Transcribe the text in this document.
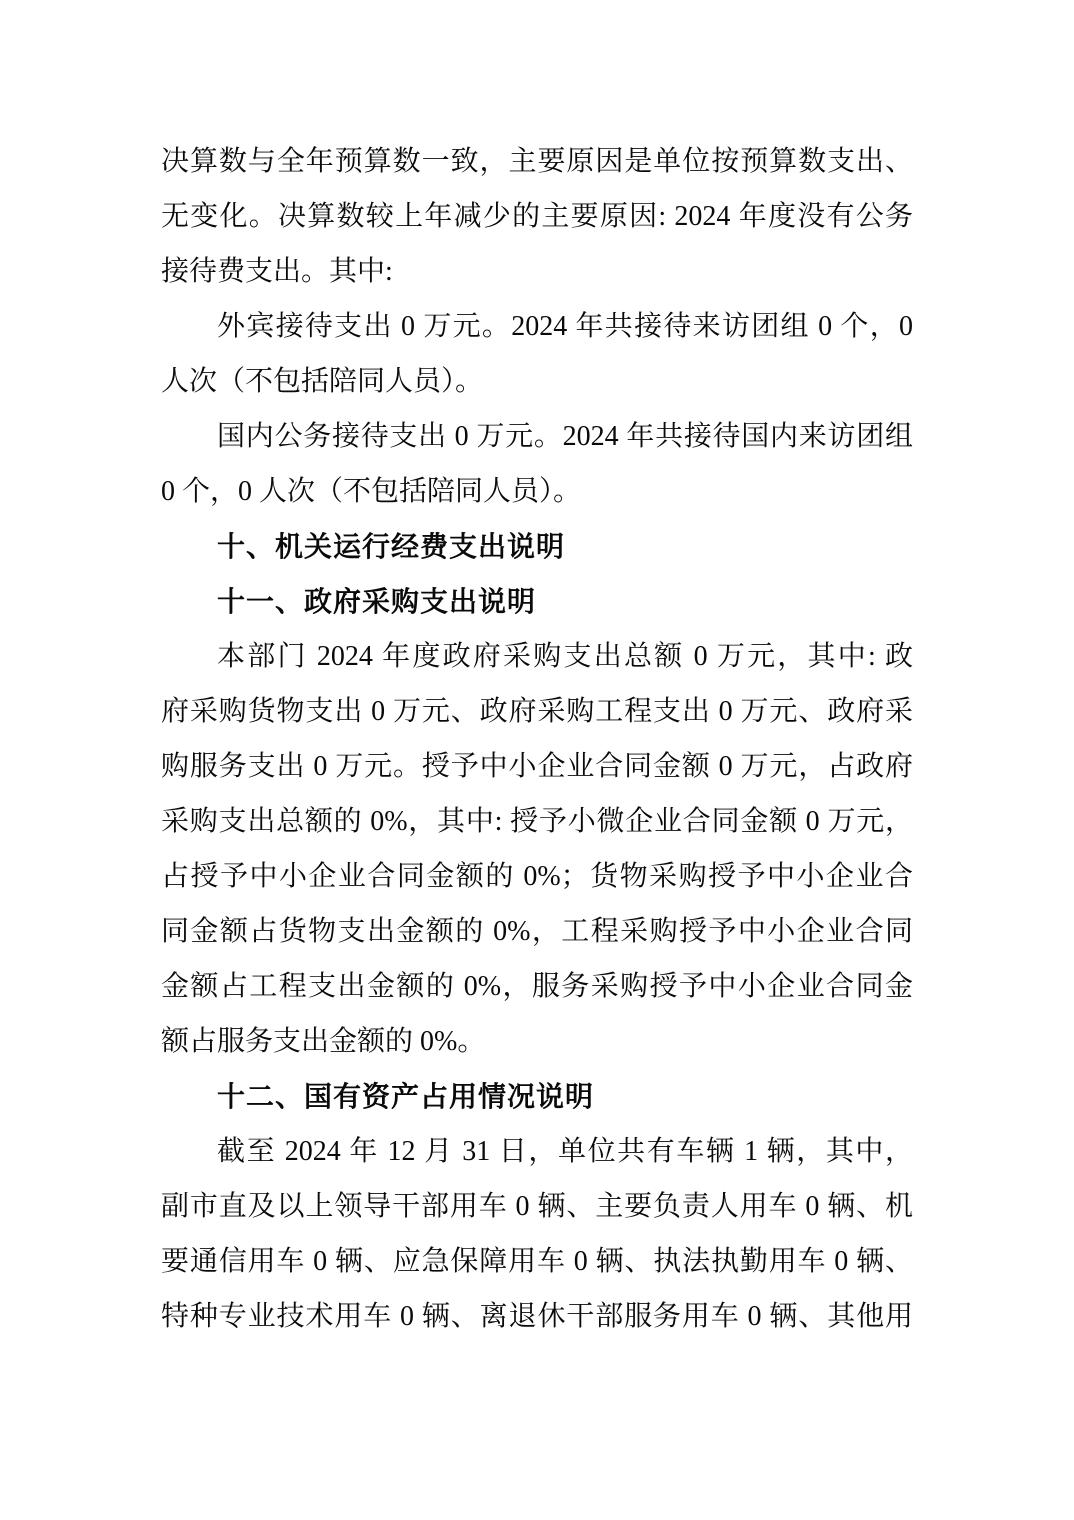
决算数与全年预算数一致，主要原因是单位按预算数支出、
无变化。决算数较上年减少的主要原因: 2024 年度没有公务
接待费支出。其中:
外宾接待支出 0 万元。2024 年共接待来访团组 0 个，0
人次（不包括陪同人员）。
国内公务接待支出 0 万元。2024 年共接待国内来访团组
0 个，0 人次（不包括陪同人员）。
十、机关运行经费支出说明
十一、政府采购支出说明
本部门 2024 年度政府采购支出总额 0 万元，其中: 政
府采购货物支出 0 万元、政府采购工程支出 0 万元、政府采
购服务支出 0 万元。授予中小企业合同金额 0 万元，占政府
采购支出总额的 0%，其中: 授予小微企业合同金额 0 万元，
占授予中小企业合同金额的 0%；货物采购授予中小企业合
同金额占货物支出金额的 0%，工程采购授予中小企业合同
金额占工程支出金额的 0%，服务采购授予中小企业合同金
额占服务支出金额的 0%。
十二、国有资产占用情况说明
截至 2024 年 12 月 31 日，单位共有车辆 1 辆，其中，
副市直及以上领导干部用车 0 辆、主要负责人用车 0 辆、机
要通信用车 0 辆、应急保障用车 0 辆、执法执勤用车 0 辆、
特种专业技术用车 0 辆、离退休干部服务用车 0 辆、其他用
